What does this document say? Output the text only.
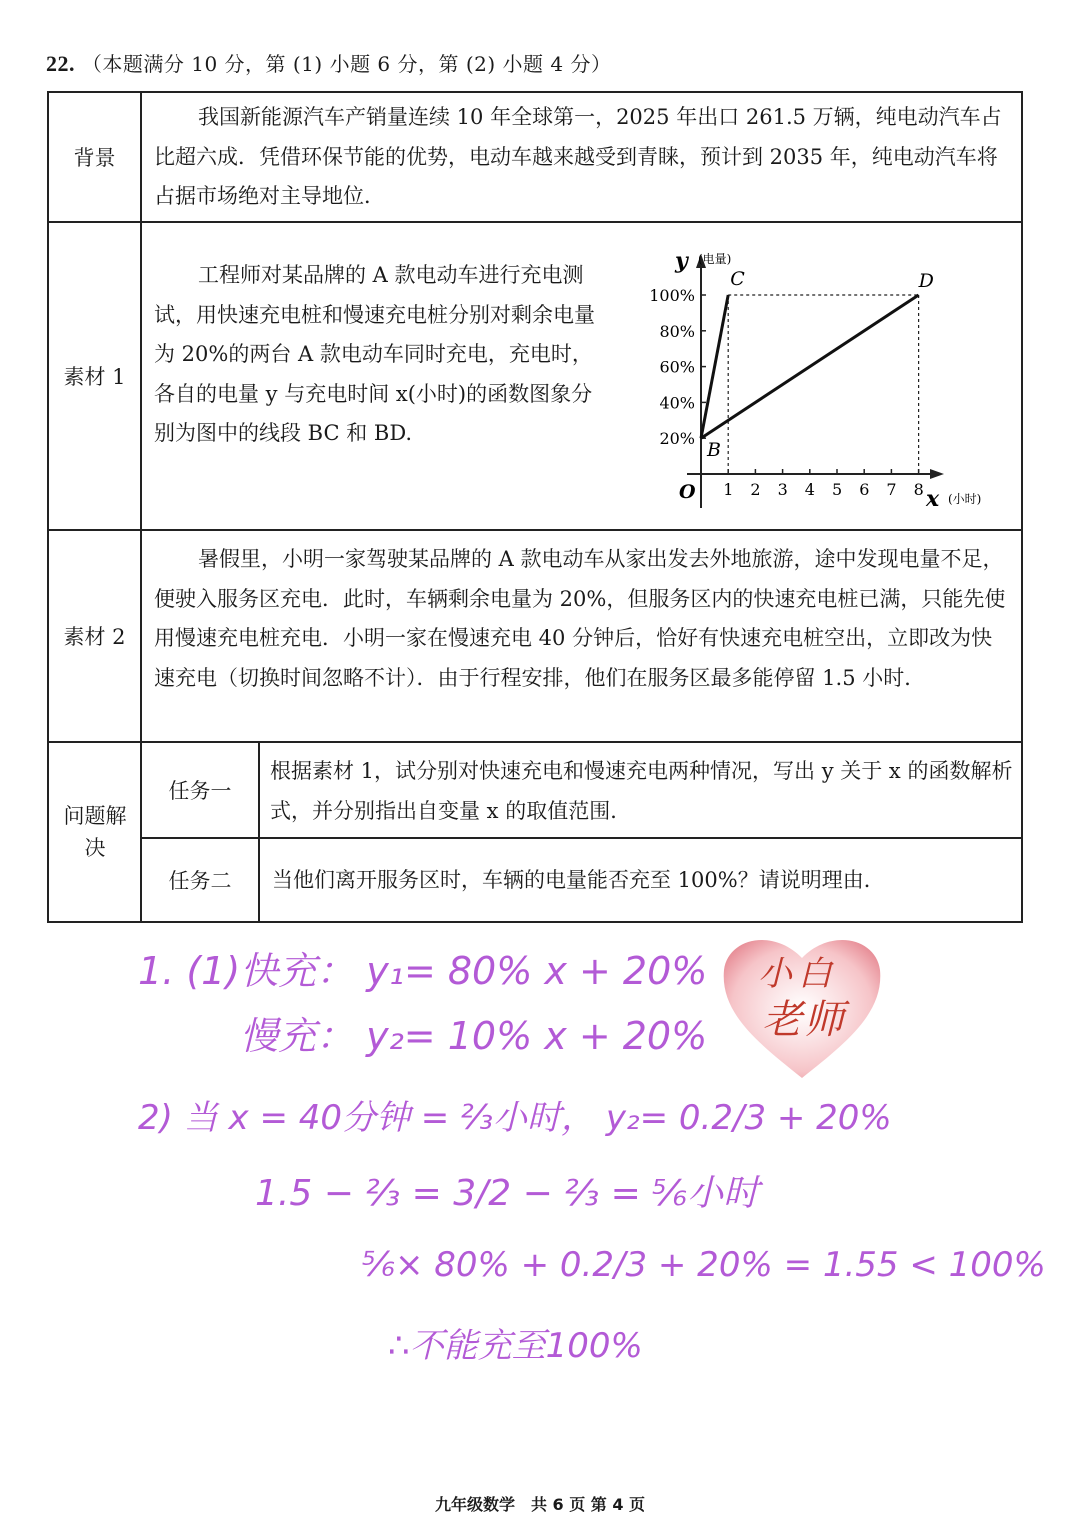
22. （本题满分 10 分，第 (1) 小题 6 分，第 (2) 小题 4 分）
背景
我国新能源汽车产销量连续 10 年全球第一，2025 年出口 261.5 万辆，纯电动汽车占比超六成．凭借环保节能的优势，电动车越来越受到青睐，预计到 2035 年，纯电动汽车将占据市场绝对主导地位．
素材 1
工程师对某品牌的 A 款电动车进行充电测试，用快速充电桩和慢速充电桩分别对剩余电量为 20%的两台 A 款电动车同时充电，充电时，各自的电量 y 与充电时间 x(小时)的函数图象分别为图中的线段 BC 和 BD.
y (电量)
x (小时)
O 1 2 3 4 5 6 7 8
20%
40%
60%
80%
100%
B
C	D
素材 2
暑假里，小明一家驾驶某品牌的 A 款电动车从家出发去外地旅游，途中发现电量不足，便驶入服务区充电．此时，车辆剩余电量为 20%，但服务区内的快速充电桩已满，只能先使用慢速充电桩充电．小明一家在慢速充电 40 分钟后，恰好有快速充电桩空出，立即改为快速充电（切换时间忽略不计）．由于行程安排，他们在服务区最多能停留 1.5 小时．
问题解决
任务一
根据素材 1，试分别对快速充电和慢速充电两种情况，写出 y 关于 x 的函数解析式，并分别指出自变量 x 的取值范围．
任务二 当他们离开服务区时，车辆的电量能否充至 100%？请说明理由．
小白
老师
1. (1)快充： y₁= 80% x + 20%
慢充： y₂= 10% x + 20%
2) 当 x = 40分钟 = ⅔小时， y₂= 0.2/3 + 20%
1.5 − ⅔ = 3/2 − ⅔ = ⅚小时
⅚× 80% + 0.2/3 + 20% = 1.55 < 100%
∴不能充至100%
九年级数学　共 6 页 第 4 页
